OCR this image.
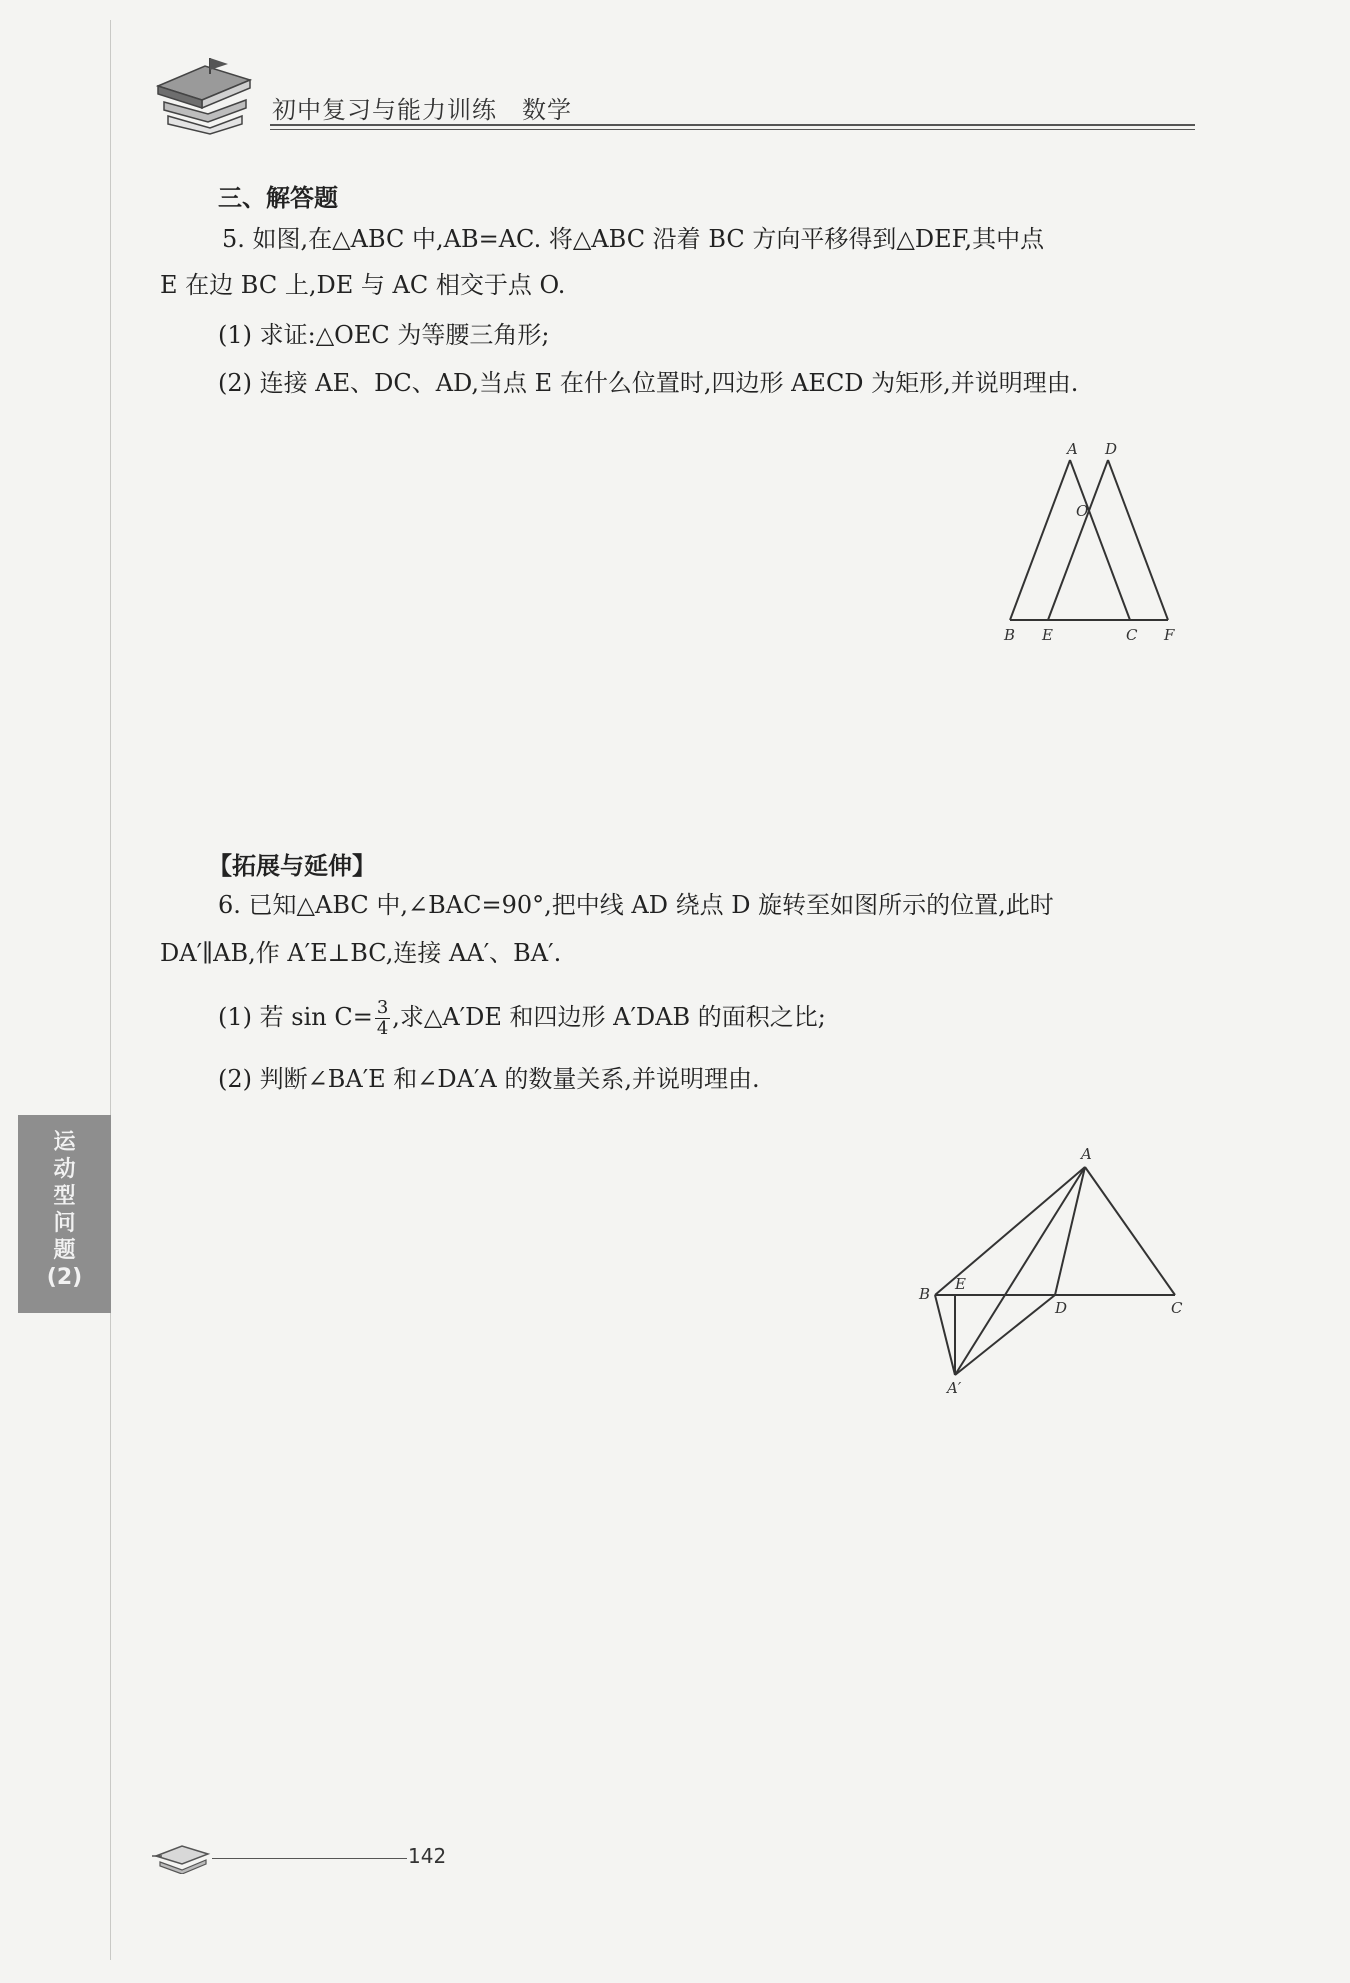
初中复习与能力训练　数学
三、解答题
5. 如图,在△ABC 中,AB=AC. 将△ABC 沿着 BC 方向平移得到△DEF,其中点
E 在边 BC 上,DE 与 AC 相交于点 O.
(1) 求证:△OEC 为等腰三角形;
(2) 连接 AE、DC、AD,当点 E 在什么位置时,四边形 AECD 为矩形,并说明理由.
A D
O
B E	C F
【拓展与延伸】
6. 已知△ABC 中,∠BAC=90°,把中线 AD 绕点 D 旋转至如图所示的位置,此时
DA′∥AB,作 A′E⊥BC,连接 AA′、BA′.
(1) 若 $\sin C= \frac{3}{4}$ ,求△A′DE 和四边形 A′DAB 的面积之比;
(2) 判断∠BA′E 和∠DA′A 的数量关系,并说明理由.
A
B
E
D	C
A′
运
动
型
问
题
(2)
142
